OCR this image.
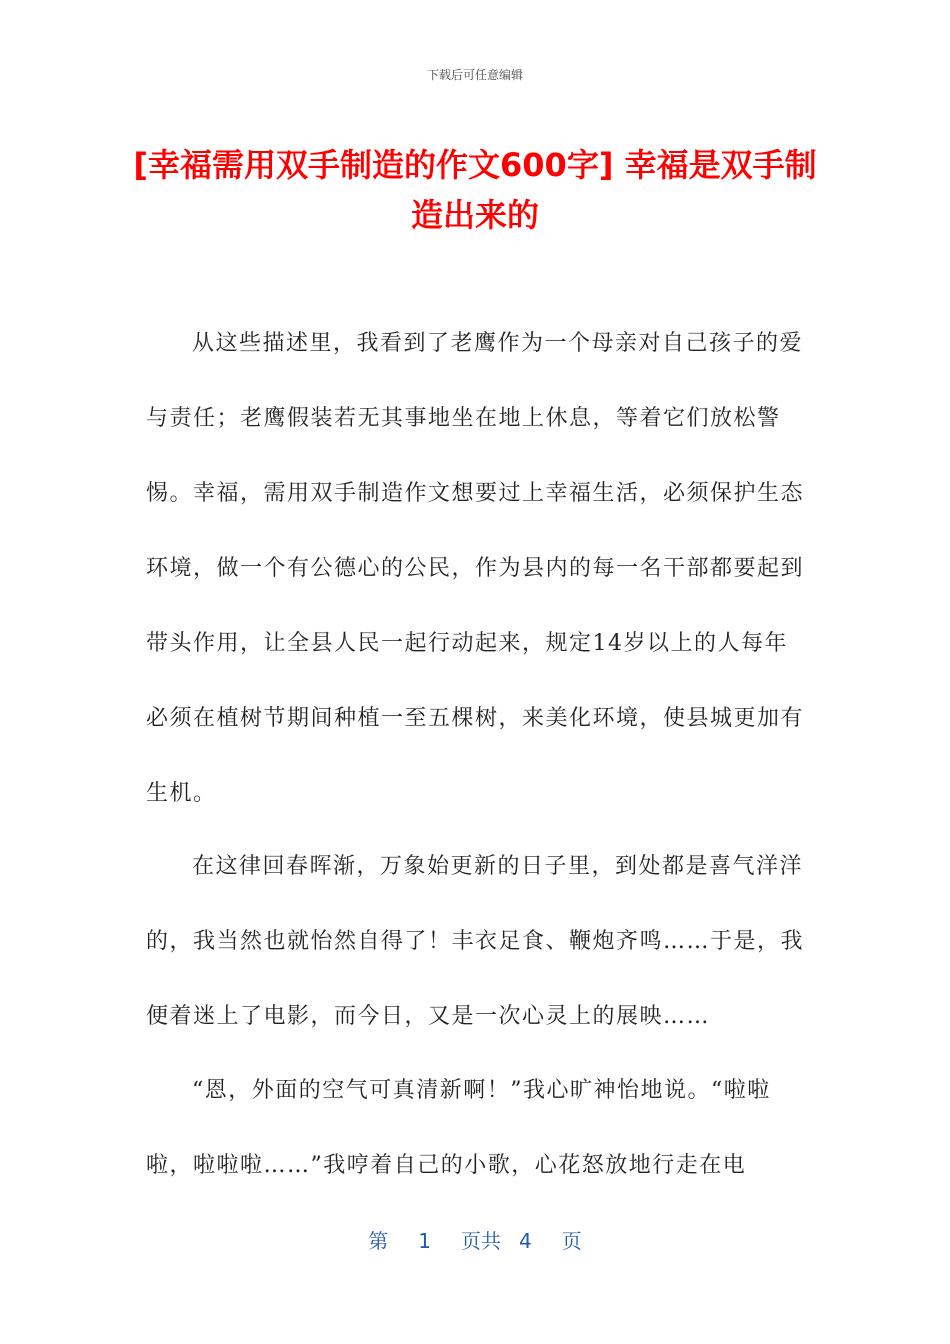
下载后可任意编辑
[幸福需用双手制造的作文600字] 幸福是双手制造出来的

从这些描述里，我看到了老鹰作为一个母亲对自己孩子的爱与责任；老鹰假装若无其事地坐在地上休息，等着它们放松警惕。幸福，需用双手制造作文想要过上幸福生活，必须保护生态环境，做一个有公德心的公民，作为县内的每一名干部都要起到带头作用，让全县人民一起行动起来，规定14岁以上的人每年必须在植树节期间种植一至五棵树，来美化环境，使县城更加有生机。

在这律回春晖渐，万象始更新的日子里，到处都是喜气洋洋的，我当然也就怡然自得了！丰衣足食、鞭炮齐鸣……于是，我便着迷上了电影，而今日，又是一次心灵上的展映……

“恩，外面的空气可真清新啊！”我心旷神怡地说。“啦啦啦，啦啦啦……”我哼着自己的小歌，心花怒放地行走在电

第 1 页共 4 页
